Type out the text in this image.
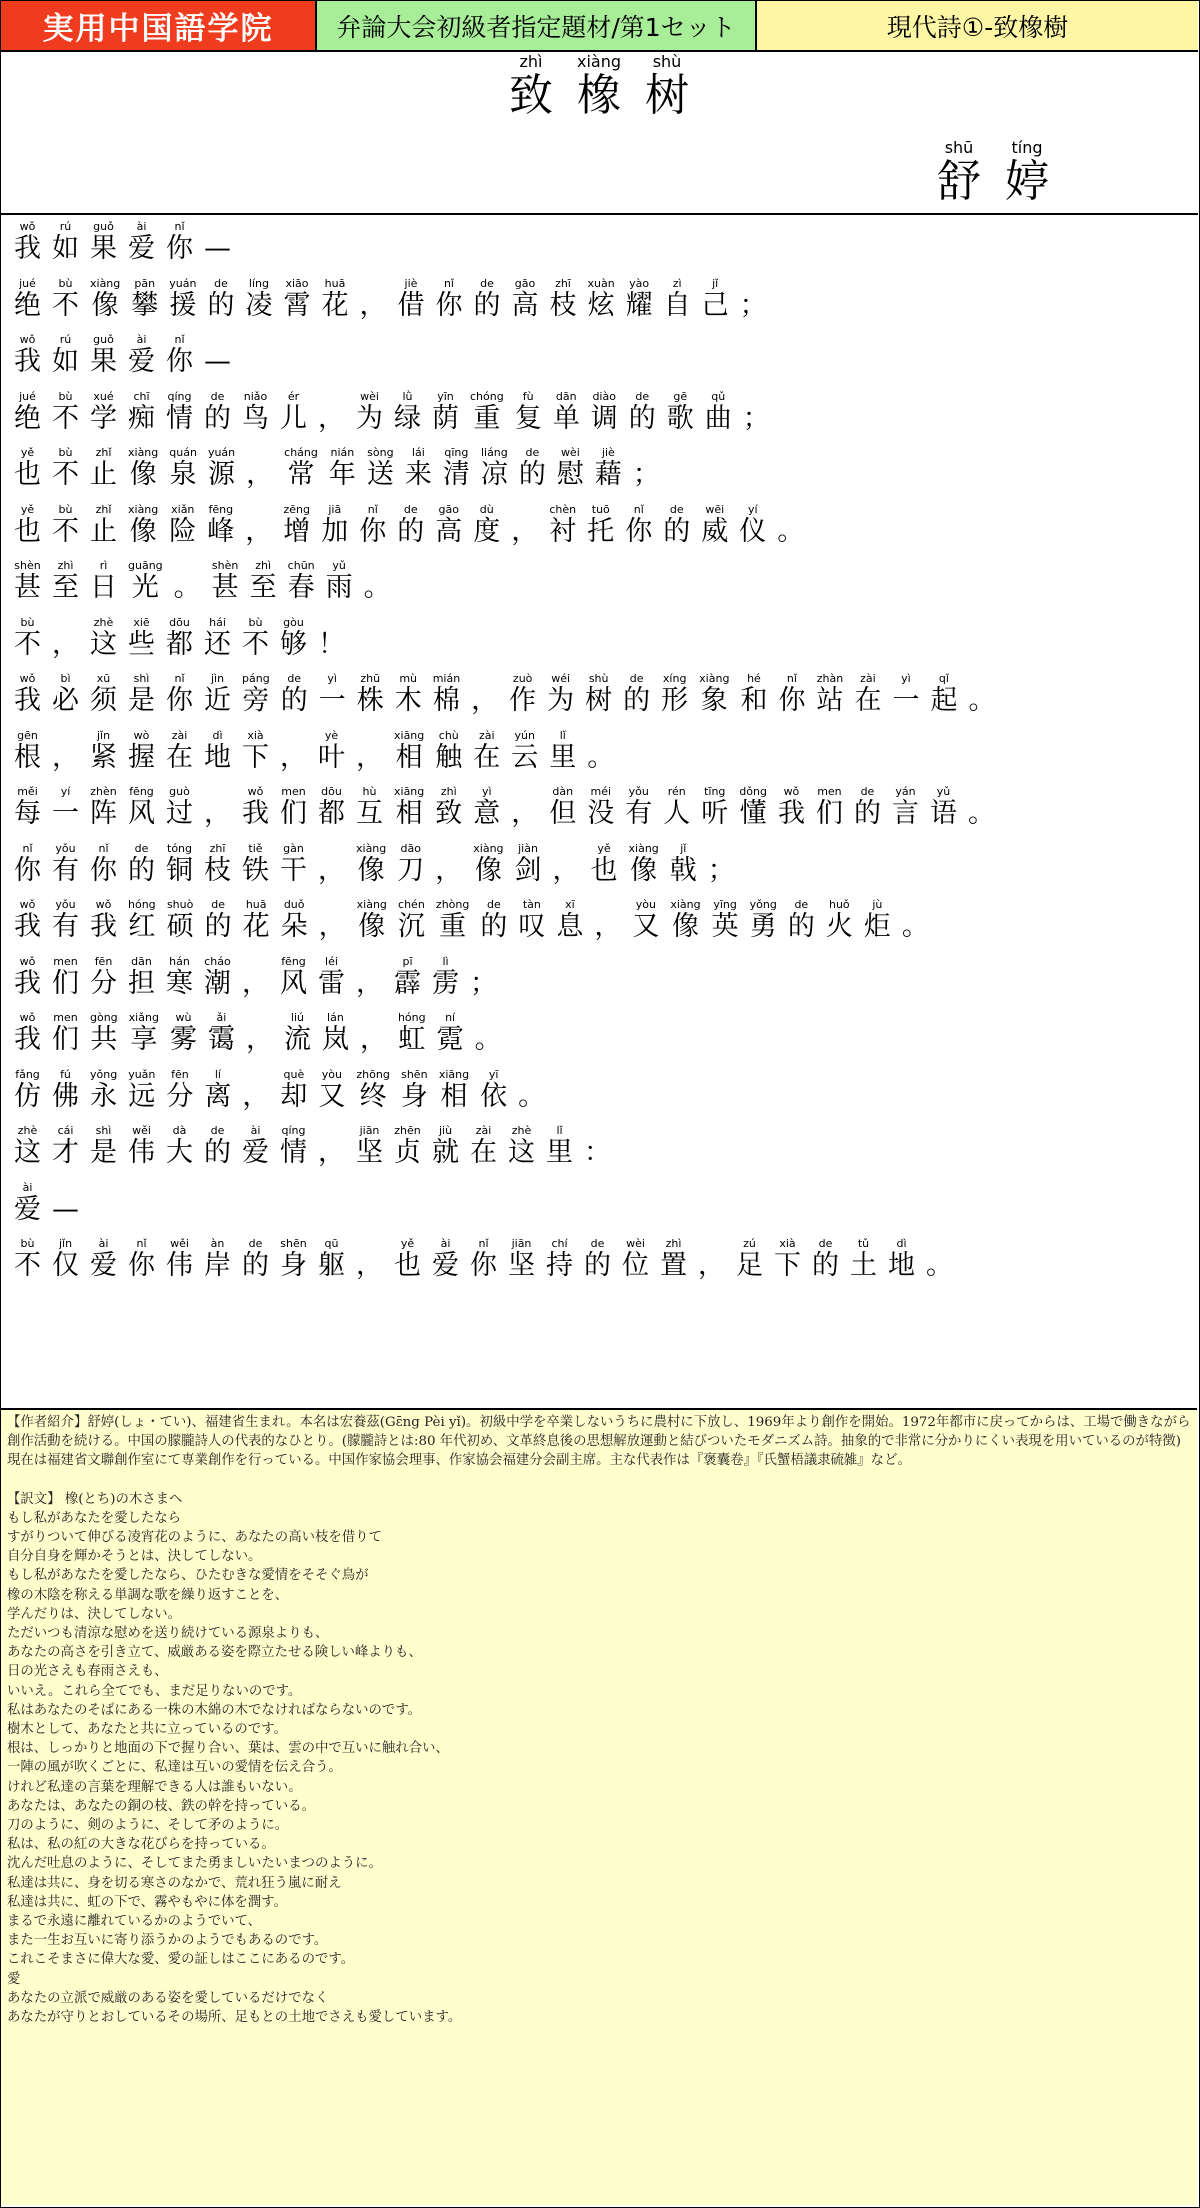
実用中国語学院	弁論大会初級者指定題材/第1セット	現代詩①-致橡樹
致zhì
橡xiàng
树shù
舒shū
婷tíng
我wǒ
如rú
果guǒ
爱ài
你nǐ
—
绝jué
不bù
像xiàng
攀pān
援yuán
的de
凌líng
霄xiāo
花huā
， 借jiè
你nǐ
的de
高gāo
枝zhī
炫xuàn
耀yào
自zì
己jǐ
；
我wǒ
如rú
果guǒ
爱ài
你nǐ
—
绝jué
不bù
学xué
痴chī
情qíng
的de
鸟niǎo
儿ér
， 为wèi
绿lǜ
荫yīn
重chóng
复fù
单dān
调diào
的de
歌gē
曲qǔ
；
也yě
不bù
止zhǐ
像xiàng
泉quán
源yuán
， 常cháng
年nián
送sòng
来lái
清qīng
凉liáng
的de
慰wèi
藉jiè
；
也yě
不bù
止zhǐ
像xiàng
险xiǎn
峰fēng
， 增zēng
加jiā
你nǐ
的de
高gāo
度dù
， 衬chèn
托tuō
你nǐ
的de
威wēi
仪yí
。
甚shèn
至zhì
日rì
光guāng
。 甚shèn
至zhì
春chūn
雨yǔ
。
不bù
， 这zhè
些xiē
都dōu
还hái
不bù
够gòu
！
我wǒ
必bì
须xū
是shì
你nǐ
近jìn
旁páng
的de
一yì
株zhū
木mù
棉mián
， 作zuò
为wéi
树shù
的de
形xíng
象xiàng
和hé
你nǐ
站zhàn
在zài
一yì
起qǐ
。
根gēn
， 紧jǐn
握wò
在zài
地dì
下xià
， 叶yè
， 相xiāng
触chù
在zài
云yún
里lǐ
。
每měi
一yí
阵zhèn
风fēng
过guò
， 我wǒ
们men
都dōu
互hù
相xiāng
致zhì
意yì
， 但dàn
没méi
有yǒu
人rén
听tīng
懂dǒng
我wǒ
们men
的de
言yán
语yǔ
。
你nǐ
有yǒu
你nǐ
的de
铜tóng
枝zhī
铁tiě
干gàn
， 像xiàng
刀dāo
， 像xiàng
剑jiàn
， 也yě
像xiàng
戟jǐ
；
我wǒ
有yǒu
我wǒ
红hóng
硕shuò
的de
花huā
朵duǒ
， 像xiàng
沉chén
重zhòng
的de
叹tàn
息xī
， 又yòu
像xiàng
英yīng
勇yǒng
的de
火huǒ
炬jù
。
我wǒ
们men
分fēn
担dān
寒hán
潮cháo
， 风fēng
雷léi
， 霹pī
雳lì
；
我wǒ
们men
共gòng
享xiǎng
雾wù
霭ǎi
， 流liú
岚lán
， 虹hóng
霓ní
。
仿fǎng
佛fú
永yǒng
远yuǎn
分fēn
离lí
， 却què
又yòu
终zhōng
身shēn
相xiāng
依yī
。
这zhè
才cái
是shì
伟wěi
大dà
的de
爱ài
情qíng
， 坚jiān
贞zhēn
就jiù
在zài
这zhè
里lǐ
：
爱ài
—
不bù
仅jǐn
爱ài
你nǐ
伟wěi
岸àn
的de
身shēn
躯qū
， 也yě
爱ài
你nǐ
坚jiān
持chí
的de
位wèi
置zhì
， 足zú
下xià
的de
土tǔ
地dì
。

【作者紹介】舒婷(しょ・てい)、福建省生まれ。本名は宏養茲(Gɛ̄ng Pèi yǐ)。初級中学を卒業しないうちに農村に下放し、1969年より創作を開始。1972年都市に戻ってからは、工場で働きながら創作活動を続ける。中国の朦朧詩人の代表的なひとり。(朦朧詩とは:80 年代初め、文革終息後の思想解放運動と結びついたモダニズム詩。抽象的で非常に分かりにくい表現を用いているのが特徴)現在は福建省文聯創作室にて専業創作を行っている。中国作家協会理事、作家協会福建分会副主席。主な代表作は『褒囊卷』『氏蟹梧議隶硫雑』など。

【訳文】 橡(とち)の木さまへ

もし私があなたを愛したなら

すがりついて伸びる凌宵花のように、あなたの高い枝を借りて

自分自身を輝かそうとは、決してしない。

もし私があなたを愛したなら、ひたむきな愛情をそそぐ鳥が

橡の木陰を称える単調な歌を繰り返すことを、

学んだりは、決してしない。

ただいつも清涼な慰めを送り続けている源泉よりも、

あなたの高さを引き立て、威厳ある姿を際立たせる険しい峰よりも、

日の光さえも春雨さえも、

いいえ。これら全てでも、まだ足りないのです。

私はあなたのそばにある一株の木綿の木でなければならないのです。

樹木として、あなたと共に立っているのです。

根は、しっかりと地面の下で握り合い、葉は、雲の中で互いに触れ合い、

一陣の風が吹くごとに、私達は互いの愛情を伝え合う。

けれど私達の言葉を理解できる人は誰もいない。

あなたは、あなたの銅の枝、鉄の幹を持っている。

刀のように、剣のように、そして矛のように。

私は、私の紅の大きな花びらを持っている。

沈んだ吐息のように、そしてまた勇ましいたいまつのように。

私達は共に、身を切る寒さのなかで、荒れ狂う嵐に耐え

私達は共に、虹の下で、霧やもやに体を潤す。

まるで永遠に離れているかのようでいて、

また一生お互いに寄り添うかのようでもあるのです。

これこそまさに偉大な愛、愛の証しはここにあるのです。

愛

あなたの立派で威厳のある姿を愛しているだけでなく

あなたが守りとおしているその場所、足もとの土地でさえも愛しています。
